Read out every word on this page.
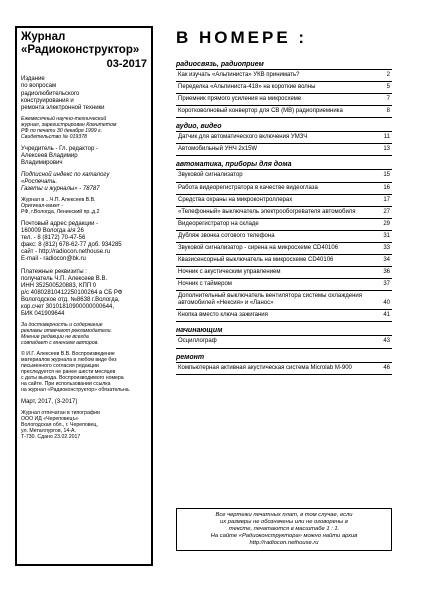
Журнал
«Радиоконструктор»
03-2017
Издание
по вопросам
радиолюбительского
конструирования и
ремонта электронной техники
Ежемесячный научно-технический
журнал, зарегистрирован Комитетом
РФ по печати 30 декабря 1999 г.
Свидетельство № 019378
Учредитель - Гл. редактор -
Алексеев Владимир
Владимирович
Подписной индекс по каталогу
«Роспечать.
Газеты и журналы» - 78787
Журнал в ...Ч.П. Алексеев В.В.
Оригинал-макет -
РФ, г.Вологда, Ленинский пр.,д.2
Почтовый адрес редакции -
160009 Вологда а/я 26
тел. - 8 (8172) 70-47-56
факс: 8 (812) 678-62-77 доб. 934285
сайт - http://radiocon.nethouse.ru
E-mail - radiocon@bk.ru
Платежные реквизиты :
получатель Ч.П. Алексеев В.В.
ИНН 352500520883, КПП 0
р/с 40802810412250100264 в СБ РФ
Вологодское отд. №8638 г.Вологда,
кор.счет 30101810900000000644,
БИК 041909644
За достоверность и содержание
рекламы отвечают рекламодатели.
Мнение редакции не всегда
совпадает с мнением авторов.
© И.Г. Алексеев В.В. Воспроизведение
материалов журнала в любом виде без
письменного согласия редакции
преследуется не ранее шести месяцев
с даты выхода. Воспроизводимого номера
на сайте. При использовании ссылка
на журнал «Радиоконструктор» обязательна.
Март, 2017, (3-2017)
Журнал отпечатан в типографии
ООО ИД «Череповецъ»
Вологодская обл., г. Череповец,
ул. Металлургов, 14-А.
Т-730. Сдано 23.02.2017
В НОМЕРЕ :
радиосвязь, радиоприем
Как изучать «Альпиниста» УКВ принимать?	2
Переделка «Альпиниста-418» на короткие волны	5
Приемник прямого усиления на микросхеме	7
Коротковолновый конвертор для СВ (МВ) радиоприемника	8
аудио, видео
Датчик для автоматического включения УМЗЧ	11
Автомобильный УНЧ 2х15W	13
автоматика, приборы для дома
Звуковой сигнализатор	15
Работа видеорегистратора в качестве видеоглаза	16
Средства охраны на микроконтроллерах	17
«Телефонный» выключатель электрообогревателя автомобиля	27
Видеорегистратор на складе	29
Дубляж звонка сотового телефона	31
Звуковой сигнализатор - сирена на микросхеме CD40106	33
Квазисенсорный выключатель на микросхеме CD40106	34
Ночник с акустическим управлением	36
Ночник с таймером	37
Дополнительный выключатель вентилятора системы охлаждения автомобилей «Нексия» и «Ланос»	40
Кнопка вместо ключа зажигания	41
начинающим
Осциллограф	43
ремонт
Компьютерная активная акустическая система Microlab M-900	46
Все чертежи печатных плат, в том случае, если
их размеры не обозначены или не оговорены в
тексте, печатаются в масштабе 1 : 1.
На сайте «Радиоконструктора» можно найти архив
http://radiocon.nethouse.ru
